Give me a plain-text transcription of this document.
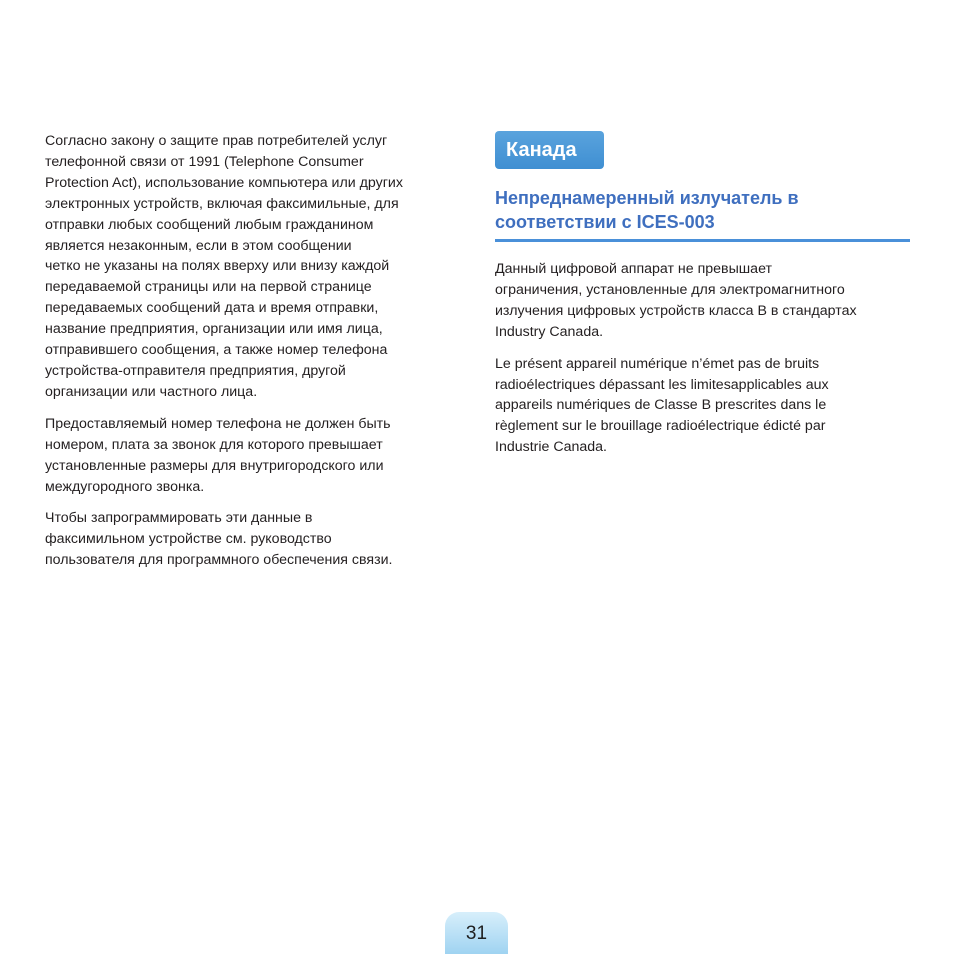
Согласно закону о защите прав потребителей услуг
телефонной связи от 1991 (Telephone Consumer
Protection Act), использование компьютера или других
электронных устройств, включая факсимильные, для
отправки любых сообщений любым гражданином
является незаконным, если в этом сообщении
четко не указаны на полях вверху или внизу каждой
передаваемой страницы или на первой странице
передаваемых сообщений дата и время отправки,
название предприятия, организации или имя лица,
отправившего сообщения, а также номер телефона
устройства-отправителя предприятия, другой
организации или частного лица.

Предоставляемый номер телефона не должен быть
номером, плата за звонок для которого превышает
установленные размеры для внутригородского или
междугородного звонка.

Чтобы запрограммировать эти данные в
факсимильном устройстве см. руководство
пользователя для программного обеспечения связи.

Канада
Непреднамеренный излучатель в
соответствии с ICES-003

Данный цифровой аппарат не превышает
ограничения, установленные для электромагнитного
излучения цифровых устройств класса B в стандартах
Industry Canada.

Le présent appareil numérique n’émet pas de bruits
radioélectriques dépassant les limitesapplicables aux
appareils numériques de Classe B prescrites dans le
règlement sur le brouillage radioélectrique édicté par
Industrie Canada.

31
